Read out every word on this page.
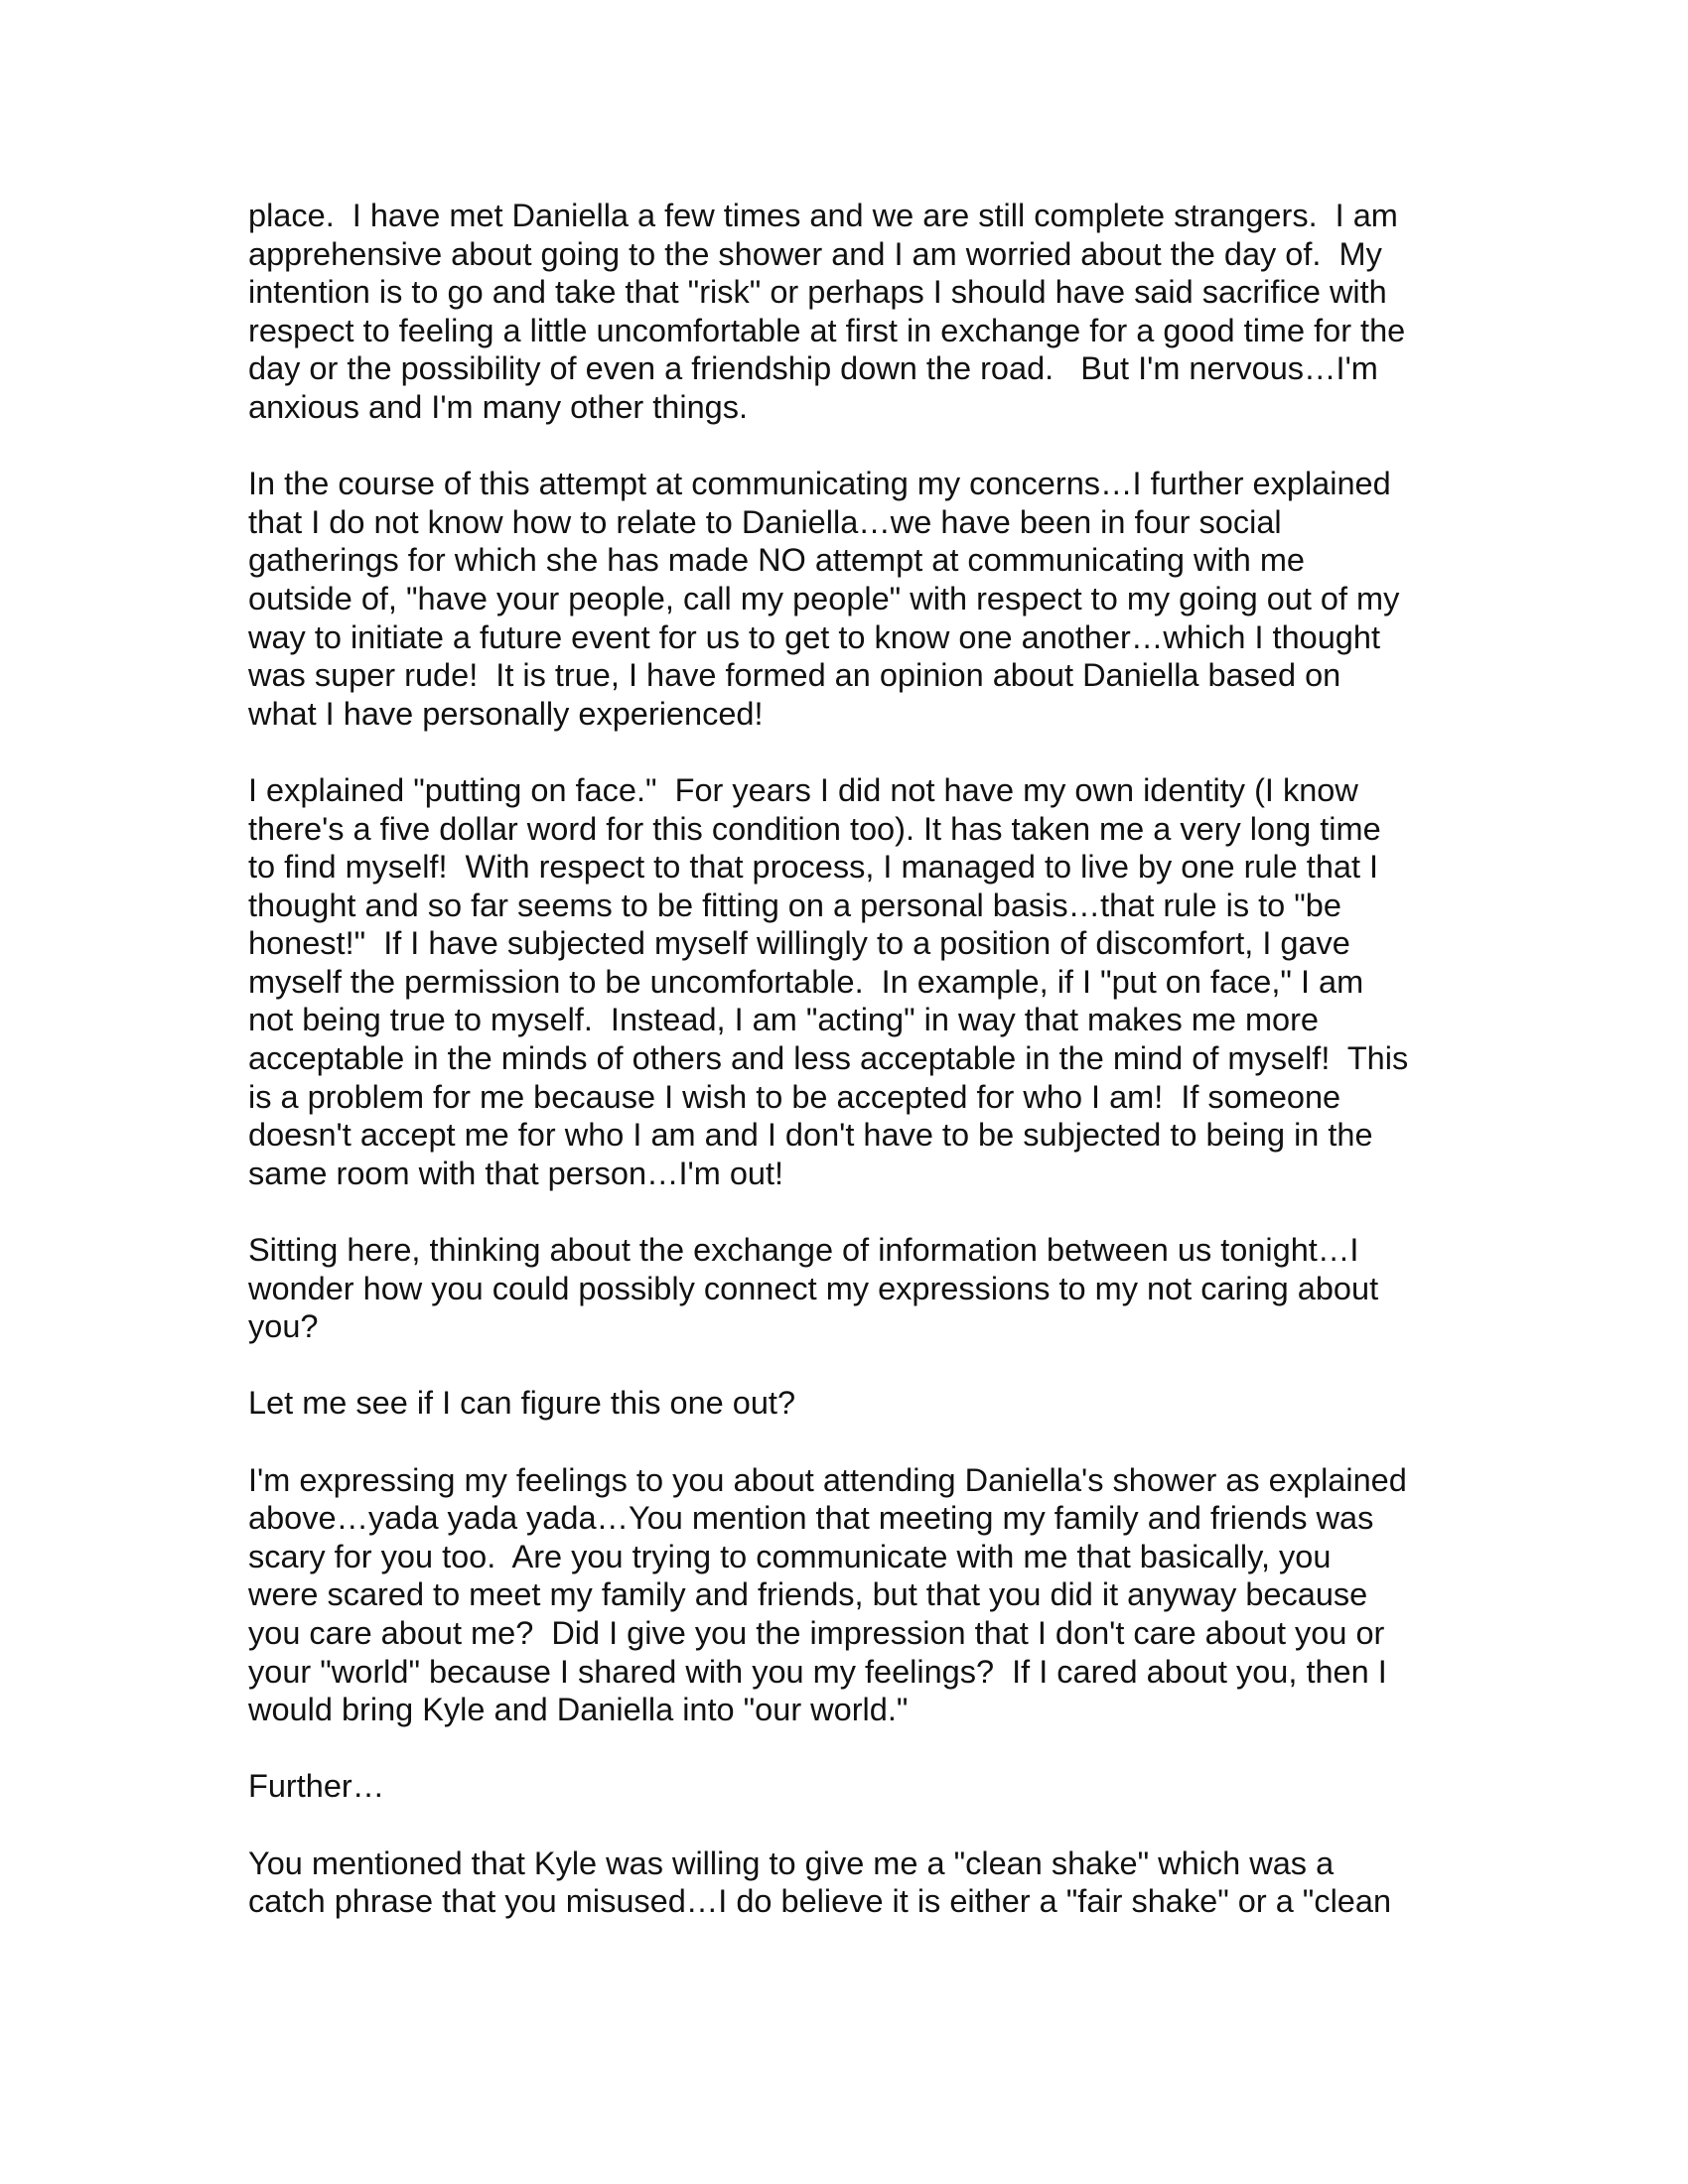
place.  I have met Daniella a few times and we are still complete strangers.  I am
apprehensive about going to the shower and I am worried about the day of.  My
intention is to go and take that "risk" or perhaps I should have said sacrifice with
respect to feeling a little uncomfortable at first in exchange for a good time for the
day or the possibility of even a friendship down the road.   But I'm nervous…I'm
anxious and I'm many other things.
In the course of this attempt at communicating my concerns…I further explained
that I do not know how to relate to Daniella…we have been in four social
gatherings for which she has made NO attempt at communicating with me
outside of, "have your people, call my people" with respect to my going out of my
way to initiate a future event for us to get to know one another…which I thought
was super rude!  It is true, I have formed an opinion about Daniella based on
what I have personally experienced!
I explained "putting on face."  For years I did not have my own identity (I know
there's a five dollar word for this condition too). It has taken me a very long time
to find myself!  With respect to that process, I managed to live by one rule that I
thought and so far seems to be fitting on a personal basis…that rule is to "be
honest!"  If I have subjected myself willingly to a position of discomfort, I gave
myself the permission to be uncomfortable.  In example, if I "put on face," I am
not being true to myself.  Instead, I am "acting" in way that makes me more
acceptable in the minds of others and less acceptable in the mind of myself!  This
is a problem for me because I wish to be accepted for who I am!  If someone
doesn't accept me for who I am and I don't have to be subjected to being in the
same room with that person…I'm out!
Sitting here, thinking about the exchange of information between us tonight…I
wonder how you could possibly connect my expressions to my not caring about
you?
Let me see if I can figure this one out?
I'm expressing my feelings to you about attending Daniella's shower as explained
above…yada yada yada…You mention that meeting my family and friends was
scary for you too.  Are you trying to communicate with me that basically, you
were scared to meet my family and friends, but that you did it anyway because
you care about me?  Did I give you the impression that I don't care about you or
your "world" because I shared with you my feelings?  If I cared about you, then I
would bring Kyle and Daniella into "our world."
Further…
You mentioned that Kyle was willing to give me a "clean shake" which was a
catch phrase that you misused…I do believe it is either a "fair shake" or a "clean
